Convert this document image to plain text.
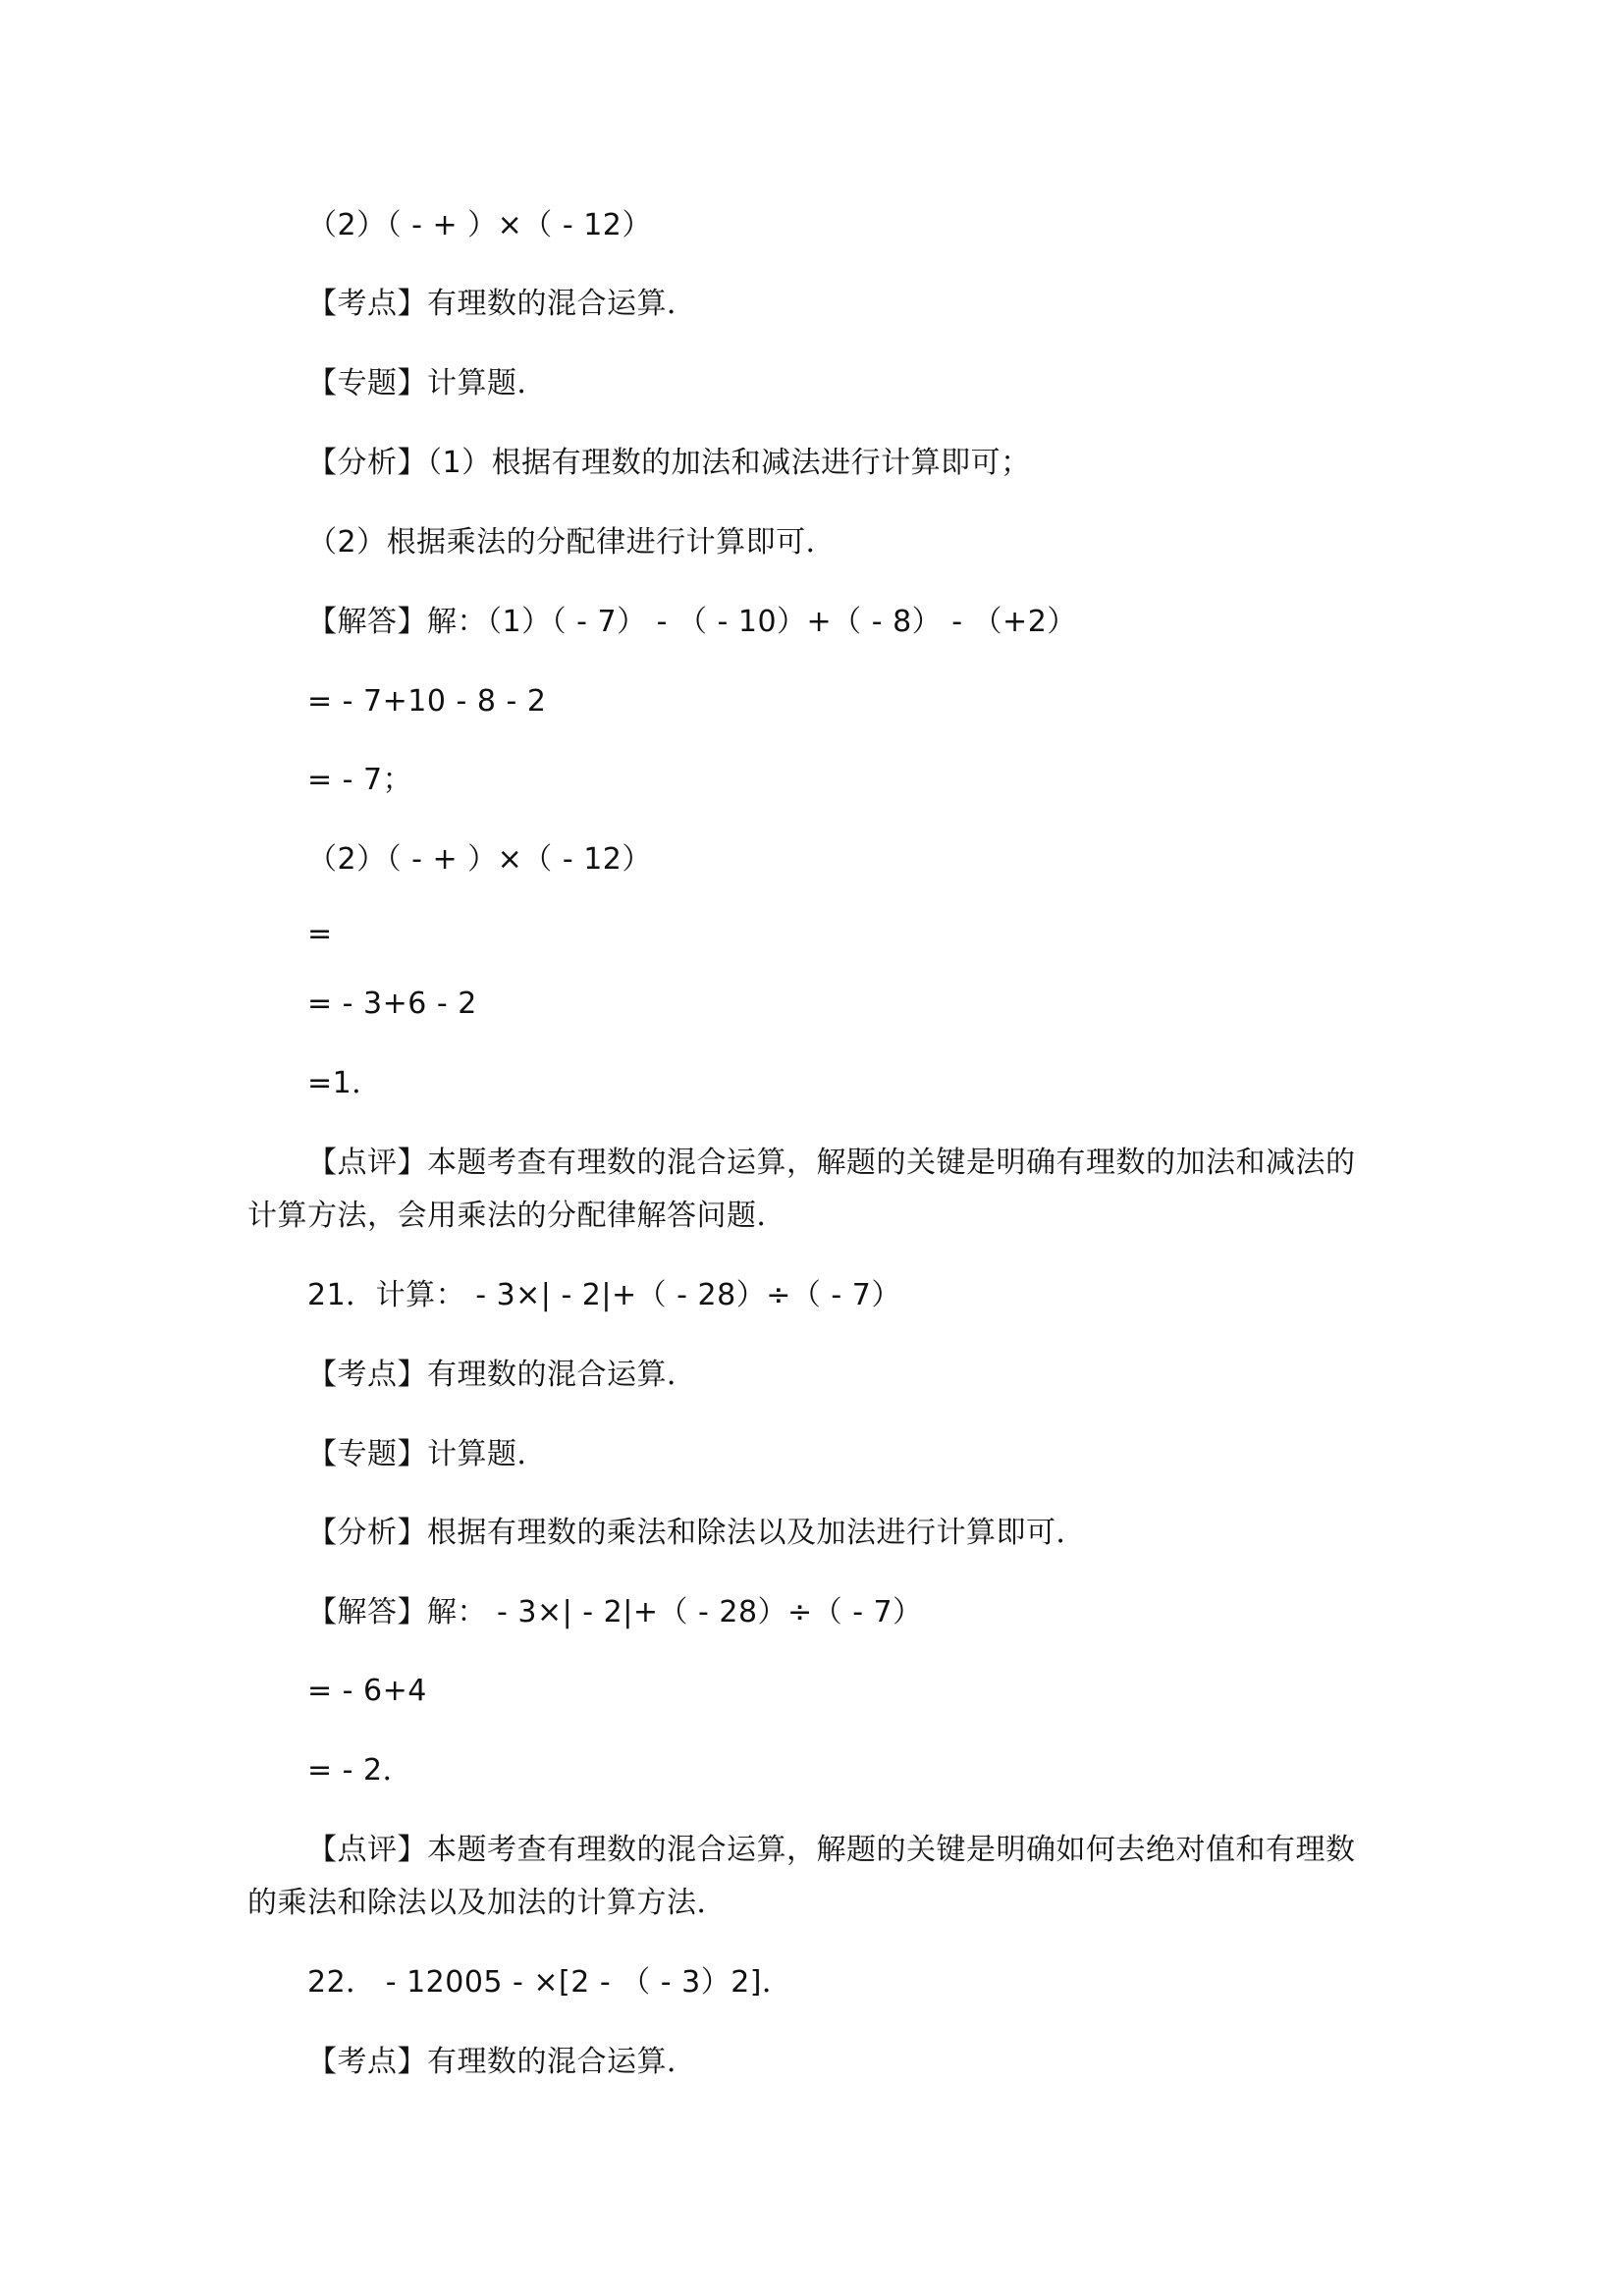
（2）（ - + ）×（ - 12）
【考点】有理数的混合运算．
【专题】计算题．
【分析】（1）根据有理数的加法和减法进行计算即可；
（2）根据乘法的分配律进行计算即可．
【解答】解：（1）（ - 7） - （ - 10）+（ - 8） - （+2）
= - 7+10 - 8 - 2
= - 7；
（2）（ - + ）×（ - 12）
=
= - 3+6 - 2
=1．
【点评】本题考查有理数的混合运算，解题的关键是明确有理数的加法和减法的计算方法，会用乘法的分配律解答问题．
21．计算： - 3×| - 2|+（ - 28）÷（ - 7）
【考点】有理数的混合运算．
【专题】计算题．
【分析】根据有理数的乘法和除法以及加法进行计算即可．
【解答】解： - 3×| - 2|+（ - 28）÷（ - 7）
= - 6+4
= - 2．
【点评】本题考查有理数的混合运算，解题的关键是明确如何去绝对值和有理数的乘法和除法以及加法的计算方法．
22． - 12005 - ×[2 - （ - 3）2]．
【考点】有理数的混合运算．
